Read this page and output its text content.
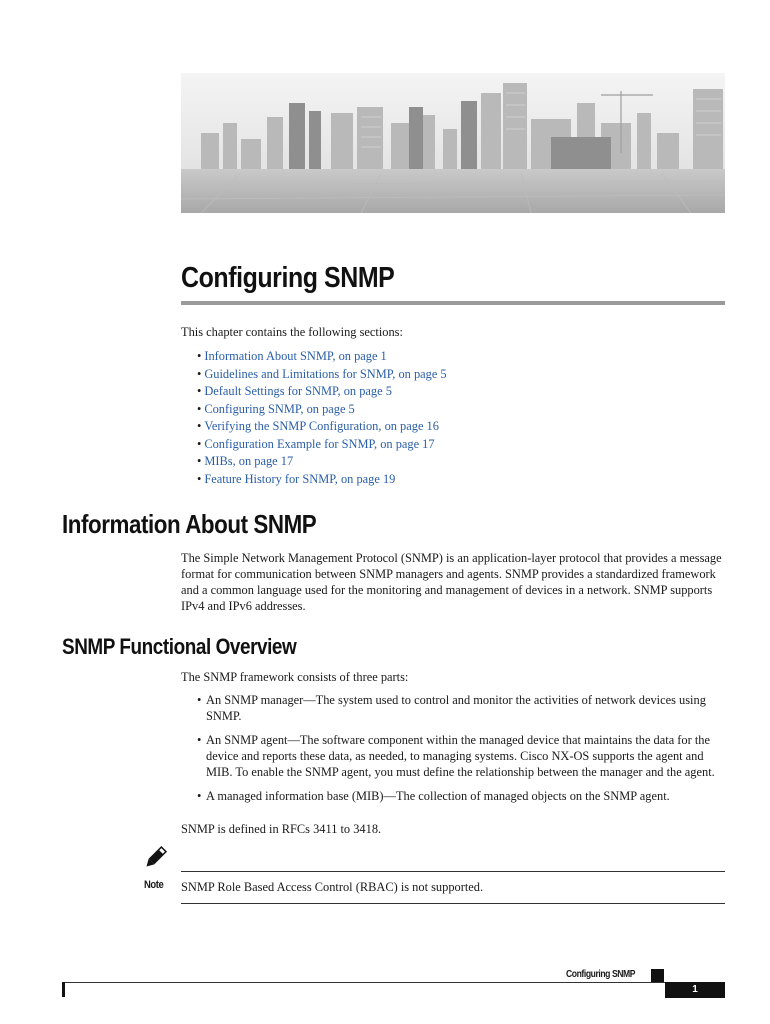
Configuring SNMP
This chapter contains the following sections:
• Information About SNMP, on page 1
• Guidelines and Limitations for SNMP, on page 5
• Default Settings for SNMP, on page 5
• Configuring SNMP, on page 5
• Verifying the SNMP Configuration, on page 16
• Configuration Example for SNMP, on page 17
• MIBs, on page 17
• Feature History for SNMP, on page 19
Information About SNMP
The Simple Network Management Protocol (SNMP) is an application-layer protocol that provides a message format for communication between SNMP managers and agents. SNMP provides a standardized framework and a common language used for the monitoring and management of devices in a network. SNMP supports IPv4 and IPv6 addresses.
SNMP Functional Overview
The SNMP framework consists of three parts:
• An SNMP manager—The system used to control and monitor the activities of network devices using SNMP.
• An SNMP agent—The software component within the managed device that maintains the data for the device and reports these data, as needed, to managing systems. Cisco NX-OS supports the agent and MIB. To enable the SNMP agent, you must define the relationship between the manager and the agent.
• A managed information base (MIB)—The collection of managed objects on the SNMP agent.
SNMP is defined in RFCs 3411 to 3418.
Note SNMP Role Based Access Control (RBAC) is not supported.
Configuring SNMP
1
